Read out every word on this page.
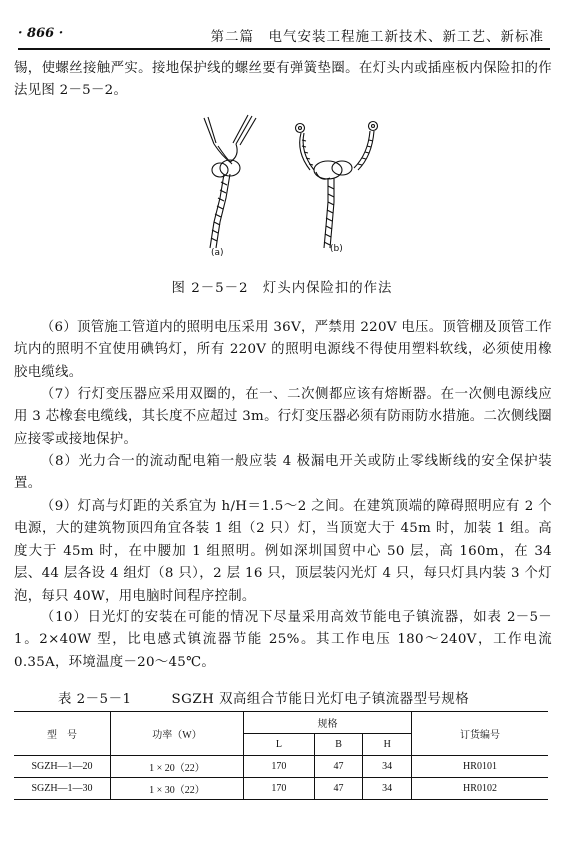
· 866 ·	第二篇　电气安装工程施工新技术、新工艺、新标准

锡，使螺丝接触严实。接地保护线的螺丝要有弹簧垫圈。在灯头内或插座板内保险扣的作法见图 2－5－2。

(a)	(b)
图 2－5－2　灯头内保险扣的作法

（6）顶管施工管道内的照明电压采用 36V，严禁用 220V 电压。顶管棚及顶管工作坑内的照明不宜使用碘钨灯，所有 220V 的照明电源线不得使用塑料软线，必须使用橡胶电缆线。

（7）行灯变压器应采用双圈的，在一、二次侧都应该有熔断器。在一次侧电源线应用 3 芯橡套电缆线，其长度不应超过 3m。行灯变压器必须有防雨防水措施。二次侧线圈应接零或接地保护。

（8）光力合一的流动配电箱一般应装 4 极漏电开关或防止零线断线的安全保护装置。

（9）灯高与灯距的关系宜为 h/H＝1.5～2 之间。在建筑顶端的障碍照明应有 2 个电源，大的建筑物顶四角宜各装 1 组（2 只）灯，当顶宽大于 45m 时，加装 1 组。高度大于 45m 时，在中腰加 1 组照明。例如深圳国贸中心 50 层，高 160m，在 34 层、44 层各设 4 组灯（8 只），2 层 16 只，顶层装闪光灯 4 只，每只灯具内装 3 个灯泡，每只 40W，用电脑时间程序控制。

（10）日光灯的安装在可能的情况下尽量采用高效节能电子镇流器，如表 2－5－1。2×40W 型，比电感式镇流器节能 25%。其工作电压 180～240V，工作电流 0.35A，环境温度－20～45℃。

表 2－5－1	SGZH 双高组合节能日光灯电子镇流器型号规格
型　号	功率（W）	规格			订货编号
		L	B	H	
SGZH—1—20	1 × 20（22）	170	47	34	HR0101
SGZH—1—30	1 × 30（22）	170	47	34	HR0102
